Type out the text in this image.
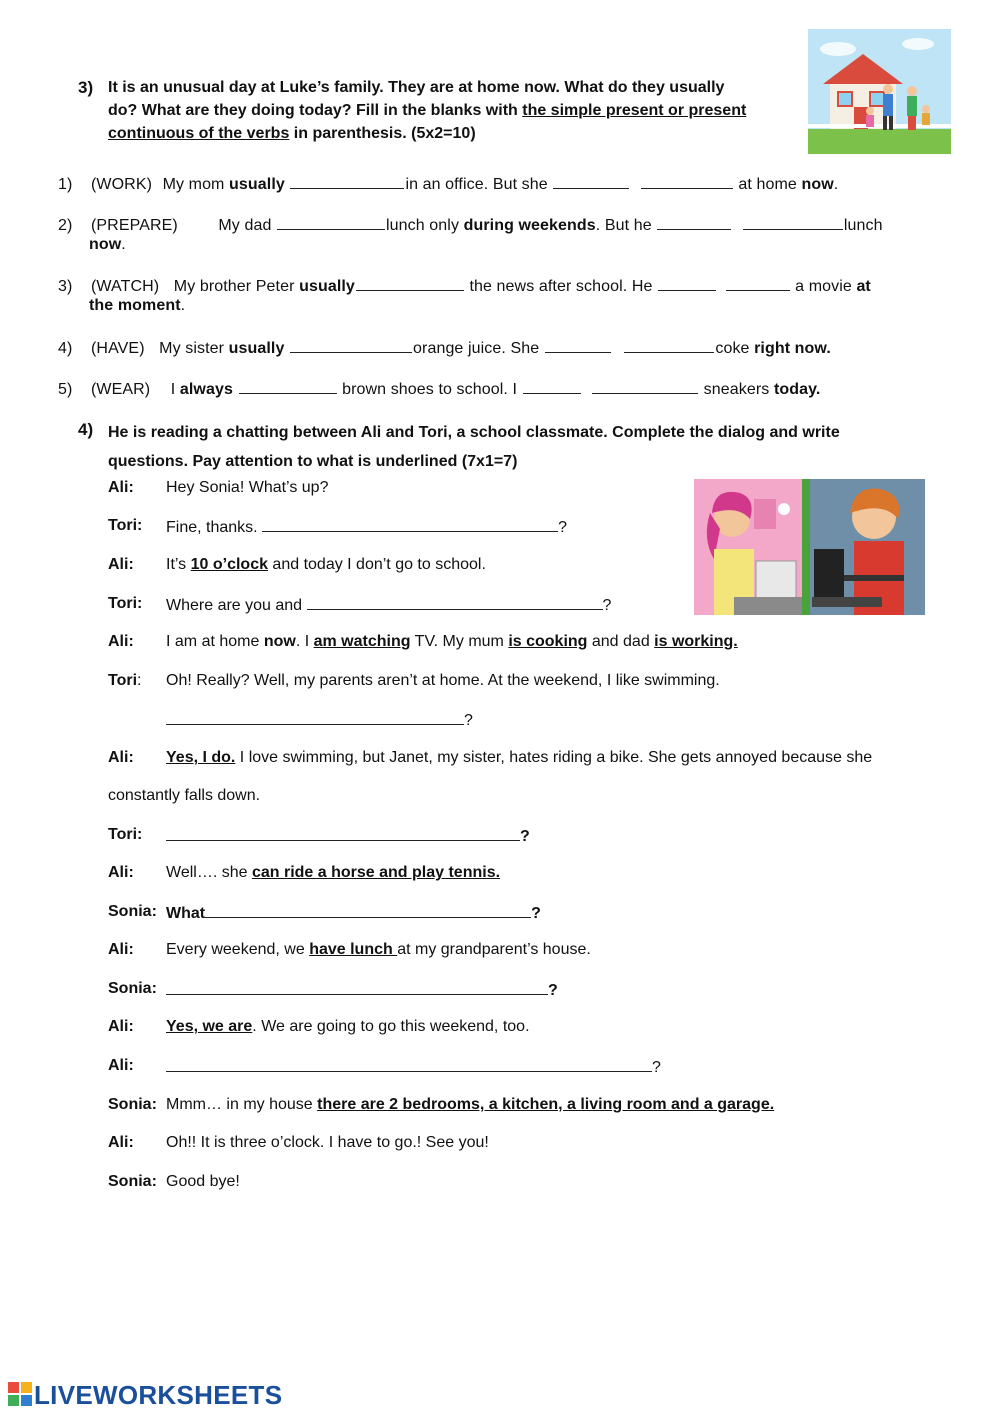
3) It is an unusual day at Luke’s family. They are at home now. What do they usually
do? What are they doing today? Fill in the blanks with the simple present or present
continuous of the verbs in parenthesis. (5x2=10)
1) (WORK) My mom usually	in an office. But she	at home now.
2) (PREPARE)	My dad	lunch only during weekends. But he	lunch
now.
3) (WATCH) My brother Peter usually	the news after school. He	a movie at
the moment.
4) (HAVE) My sister usually	orange juice. She	coke right now.
5) (WEAR) I always	brown shoes to school. I	sneakers today.
4) He is reading a chatting between Ali and Tori, a school classmate. Complete the dialog and write
questions. Pay attention to what is underlined (7x1=7)
Ali: Hey Sonia! What’s up?
Tori: Fine, thanks.	?
Ali: It’s 10 o’clock and today I don’t go to school.
Tori: Where are you and	?
Ali: I am at home now. I am watching TV. My mum is cooking and dad is working.
Tori: Oh! Really? Well, my parents aren’t at home. At the weekend, I like swimming.
?
Ali: Yes, I do. I love swimming, but Janet, my sister, hates riding a bike. She gets annoyed because she
constantly falls down.
Tori:	?
Ali: Well…. she can ride a horse and play tennis.
Sonia: What	?
Ali: Every weekend, we have lunch at my grandparent’s house.
Sonia:	?
Ali: Yes, we are. We are going to go this weekend, too.
Ali:	?
Sonia: Mmm… in my house there are 2 bedrooms, a kitchen, a living room and a garage.
Ali: Oh!! It is three o’clock. I have to go.! See you!
Sonia: Good bye!
LIVEWORKSHEETS
